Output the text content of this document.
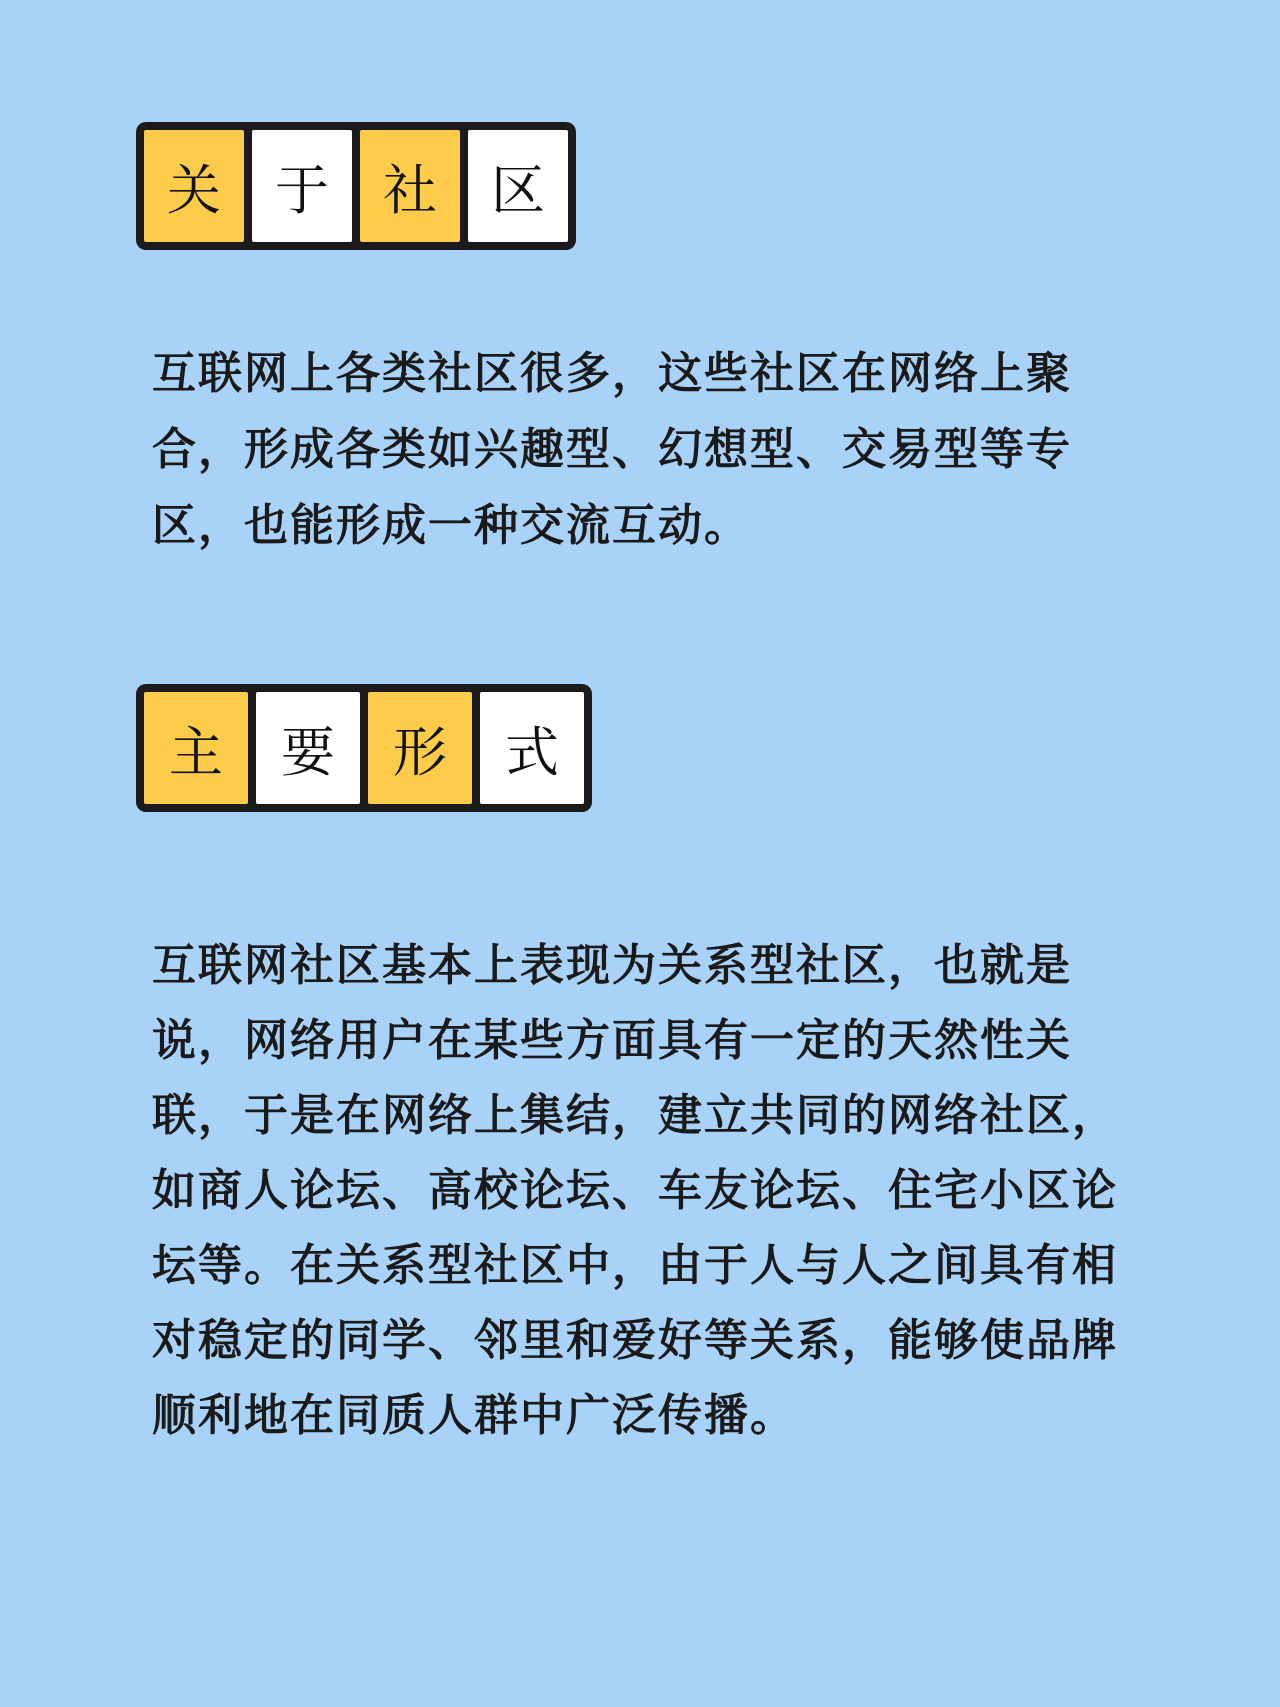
关	于	社	区

互联网上各类社区很多，这些社区在网络上聚合，形成各类如兴趣型、幻想型、交易型等专区，也能形成一种交流互动。

主	要	形	式

互联网社区基本上表现为关系型社区，也就是说，网络用户在某些方面具有一定的天然性关联，于是在网络上集结，建立共同的网络社区，如商人论坛、高校论坛、车友论坛、住宅小区论坛等。在关系型社区中，由于人与人之间具有相对稳定的同学、邻里和爱好等关系，能够使品牌顺利地在同质人群中广泛传播。
